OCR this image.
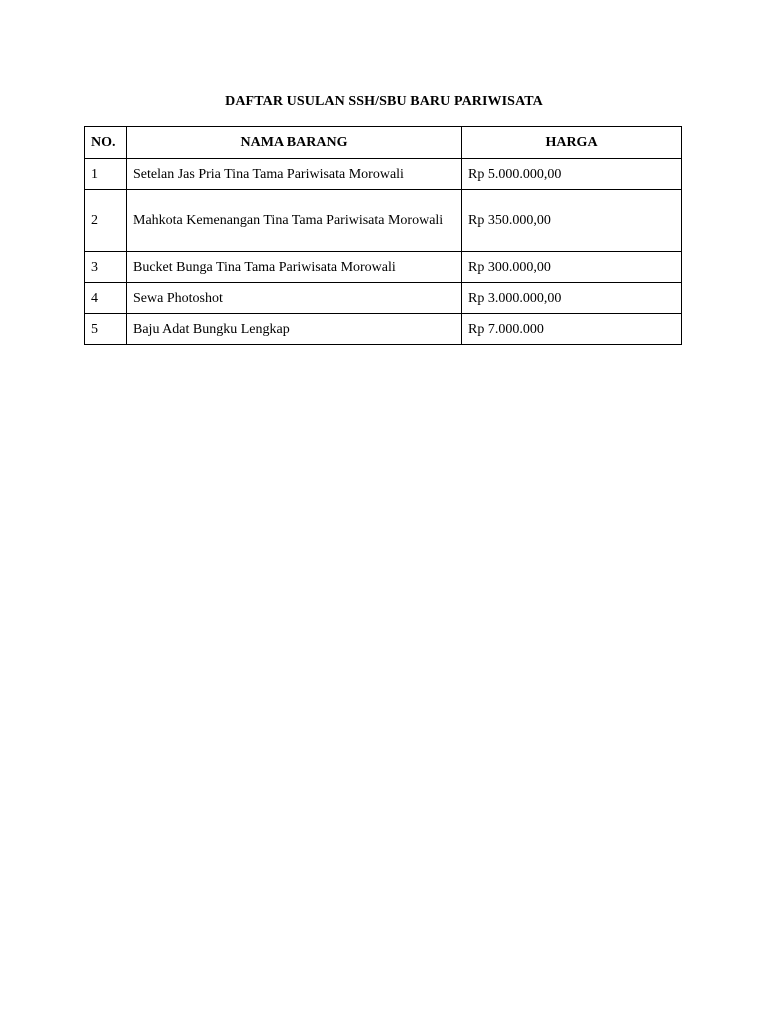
DAFTAR USULAN SSH/SBU BARU PARIWISATA
NO.	NAMA BARANG	HARGA
1	Setelan Jas Pria Tina Tama Pariwisata Morowali	Rp 5.000.000,00
2	Mahkota Kemenangan Tina Tama Pariwisata Morowali	Rp 350.000,00
3	Bucket Bunga Tina Tama Pariwisata Morowali	Rp 300.000,00
4	Sewa Photoshot	Rp 3.000.000,00
5	Baju Adat Bungku Lengkap	Rp 7.000.000
